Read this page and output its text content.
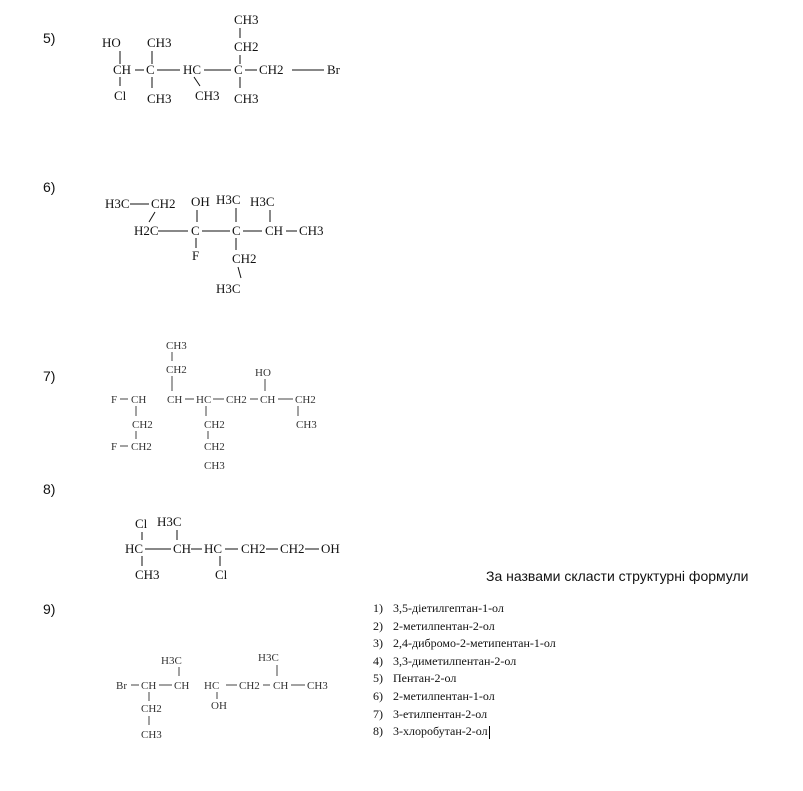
5)
CH3
CH2
HO CH3
CH C HC	C CH2	Br
Cl CH3 CH3 CH3
6)
H3C CH2 OH H3C H3C
H2C C C CH CH3
F	CH2
H3C
7)
CH3
CH2	HO
F CH CH HC CH2 CH CH2
CH2	CH2	CH3
F CH2	CH2
CH3
8)
Cl H3C
HC CH HC CH2 CH2 OH
CH3	Cl
9)
H3C	H3C
Br CH CH HC CH2 CH CH3
CH2	OH
CH3
За назвами скласти структурні формули
1) 3,5-діетилгептан-1-ол
2) 2-метилпентан-2-ол
3) 2,4-дибромо-2-метипентан-1-ол
4) 3,3-диметилпентан-2-ол
5) Пентан-2-ол
6) 2-метилпентан-1-ол
7) 3-етилпентан-2-ол
8) 3-хлоробутан-2-ол
